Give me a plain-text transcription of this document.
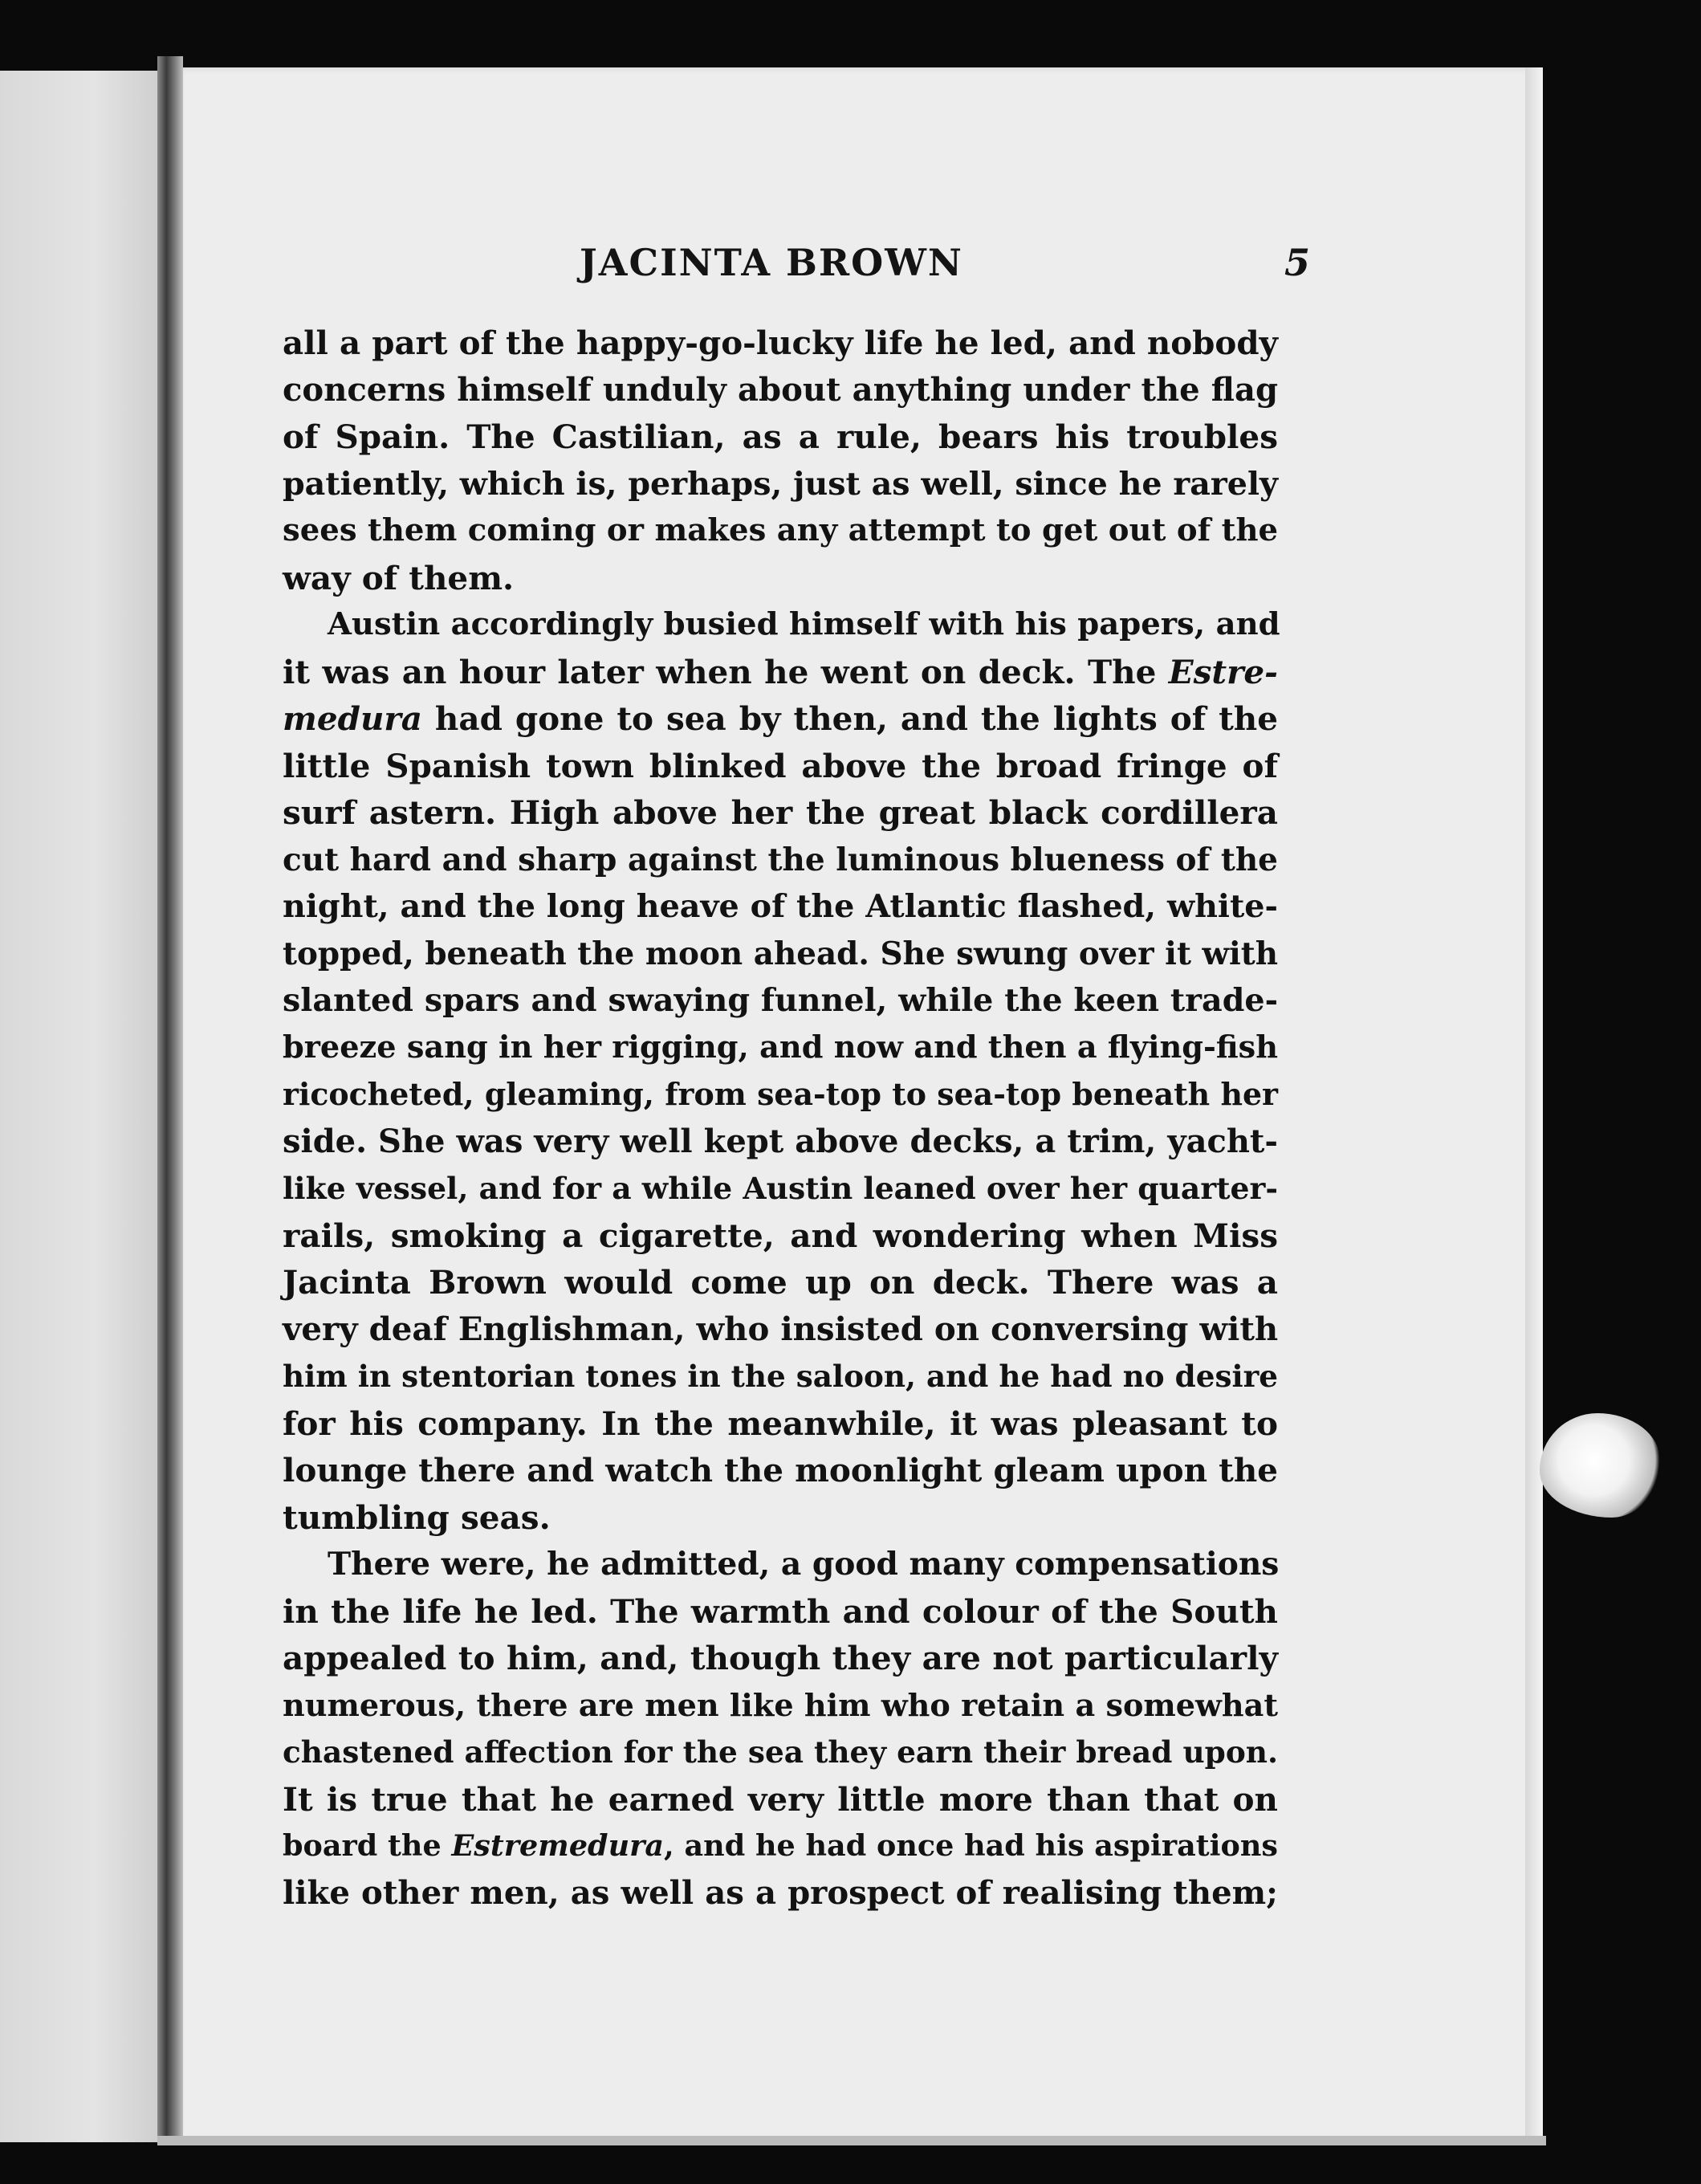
JACINTA BROWN	5
all a part of the happy-go-lucky life he led, and nobody
concerns himself unduly about anything under the flag
of Spain. The Castilian, as a rule, bears his troubles
patiently, which is, perhaps, just as well, since he rarely
sees them coming or makes any attempt to get out of the
way of them.
Austin accordingly busied himself with his papers, and
it was an hour later when he went on deck. The Estre-
medura had gone to sea by then, and the lights of the
little Spanish town blinked above the broad fringe of
surf astern. High above her the great black cordillera
cut hard and sharp against the luminous blueness of the
night, and the long heave of the Atlantic flashed, white-
topped, beneath the moon ahead. She swung over it with
slanted spars and swaying funnel, while the keen trade-
breeze sang in her rigging, and now and then a flying-fish
ricocheted, gleaming, from sea-top to sea-top beneath her
side. She was very well kept above decks, a trim, yacht-
like vessel, and for a while Austin leaned over her quarter-
rails, smoking a cigarette, and wondering when Miss
Jacinta Brown would come up on deck. There was a
very deaf Englishman, who insisted on conversing with
him in stentorian tones in the saloon, and he had no desire
for his company. In the meanwhile, it was pleasant to
lounge there and watch the moonlight gleam upon the
tumbling seas.
There were, he admitted, a good many compensations
in the life he led. The warmth and colour of the South
appealed to him, and, though they are not particularly
numerous, there are men like him who retain a somewhat
chastened affection for the sea they earn their bread upon.
It is true that he earned very little more than that on
board the Estremedura, and he had once had his aspirations
like other men, as well as a prospect of realising them;
